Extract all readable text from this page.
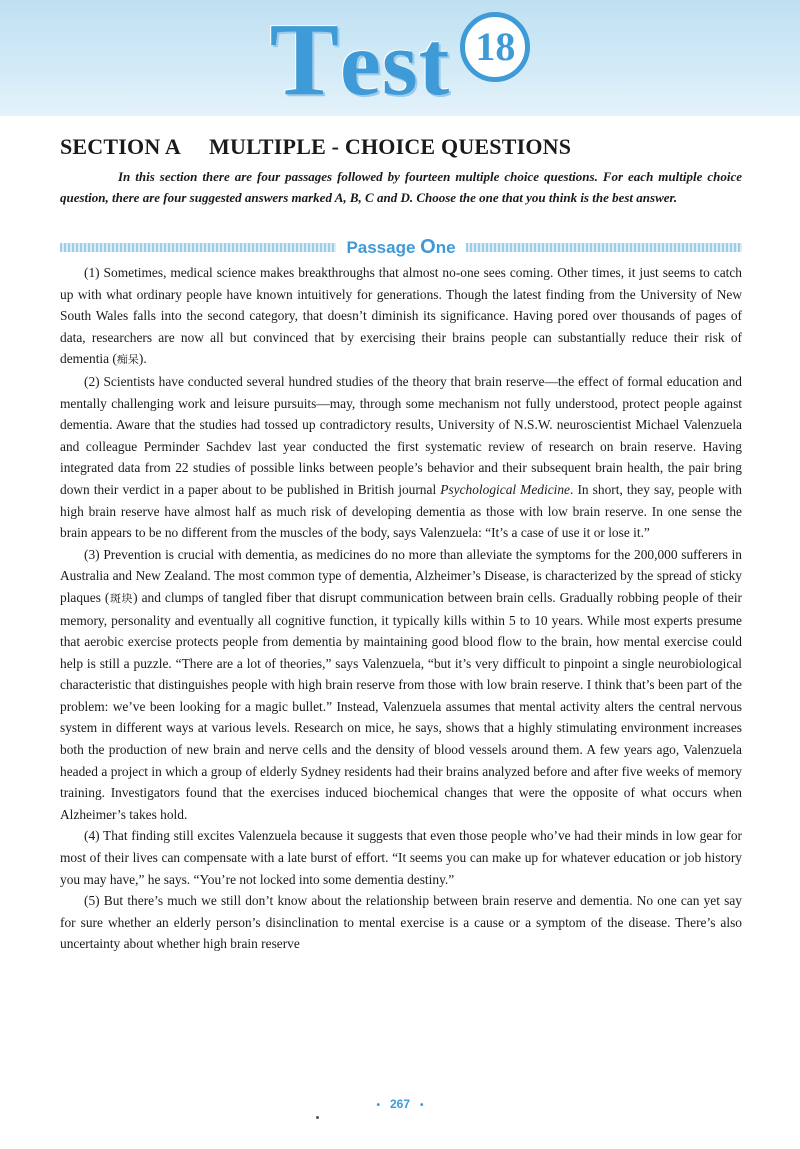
Test 18
SECTION A MULTIPLE - CHOICE QUESTIONS

In this section there are four passages followed by fourteen multiple choice questions. For each multiple choice question, there are four suggested answers marked A, B, C and D. Choose the one that you think is the best answer.

Passage One

(1) Sometimes, medical science makes breakthroughs that almost no-one sees coming. Other times, it just seems to catch up with what ordinary people have known intuitively for generations. Though the latest finding from the University of New South Wales falls into the second category, that doesn’t diminish its significance. Having pored over thousands of pages of data, researchers are now all but convinced that by exercising their brains people can substantially reduce their risk of dementia (痴呆).

(2) Scientists have conducted several hundred studies of the theory that brain reserve—the effect of formal education and mentally challenging work and leisure pursuits—may, through some mechanism not fully understood, protect people against dementia. Aware that the studies had tossed up contradictory results, University of N.S.W. neuroscientist Michael Valenzuela and colleague Perminder Sachdev last year conducted the first systematic review of research on brain reserve. Having integrated data from 22 studies of possible links between people’s behavior and their subsequent brain health, the pair bring down their verdict in a paper about to be published in British journal Psychological Medicine. In short, they say, people with high brain reserve have almost half as much risk of developing dementia as those with low brain reserve. In one sense the brain appears to be no different from the muscles of the body, says Valenzuela: “It’s a case of use it or lose it.”

(3) Prevention is crucial with dementia, as medicines do no more than alleviate the symptoms for the 200,000 sufferers in Australia and New Zealand. The most common type of dementia, Alzheimer’s Disease, is characterized by the spread of sticky plaques (斑块) and clumps of tangled fiber that disrupt communication between brain cells. Gradually robbing people of their memory, personality and eventually all cognitive function, it typically kills within 5 to 10 years. While most experts presume that aerobic exercise protects people from dementia by maintaining good blood flow to the brain, how mental exercise could help is still a puzzle. “There are a lot of theories,” says Valenzuela, “but it’s very difficult to pinpoint a single neurobiological characteristic that distinguishes people with high brain reserve from those with low brain reserve. I think that’s been part of the problem: we’ve been looking for a magic bullet.” Instead, Valenzuela assumes that mental activity alters the central nervous system in different ways at various levels. Research on mice, he says, shows that a highly stimulating environment increases both the production of new brain and nerve cells and the density of blood vessels around them. A few years ago, Valenzuela headed a project in which a group of elderly Sydney residents had their brains analyzed before and after five weeks of memory training. Investigators found that the exercises induced biochemical changes that were the opposite of what occurs when Alzheimer’s takes hold.

(4) That finding still excites Valenzuela because it suggests that even those people who’ve had their minds in low gear for most of their lives can compensate with a late burst of effort. “It seems you can make up for whatever education or job history you may have,” he says. “You’re not locked into some dementia destiny.”

(5) But there’s much we still don’t know about the relationship between brain reserve and dementia. No one can yet say for sure whether an elderly person’s disinclination to mental exercise is a cause or a symptom of the disease. There’s also uncertainty about whether high brain reserve

• 267 •
